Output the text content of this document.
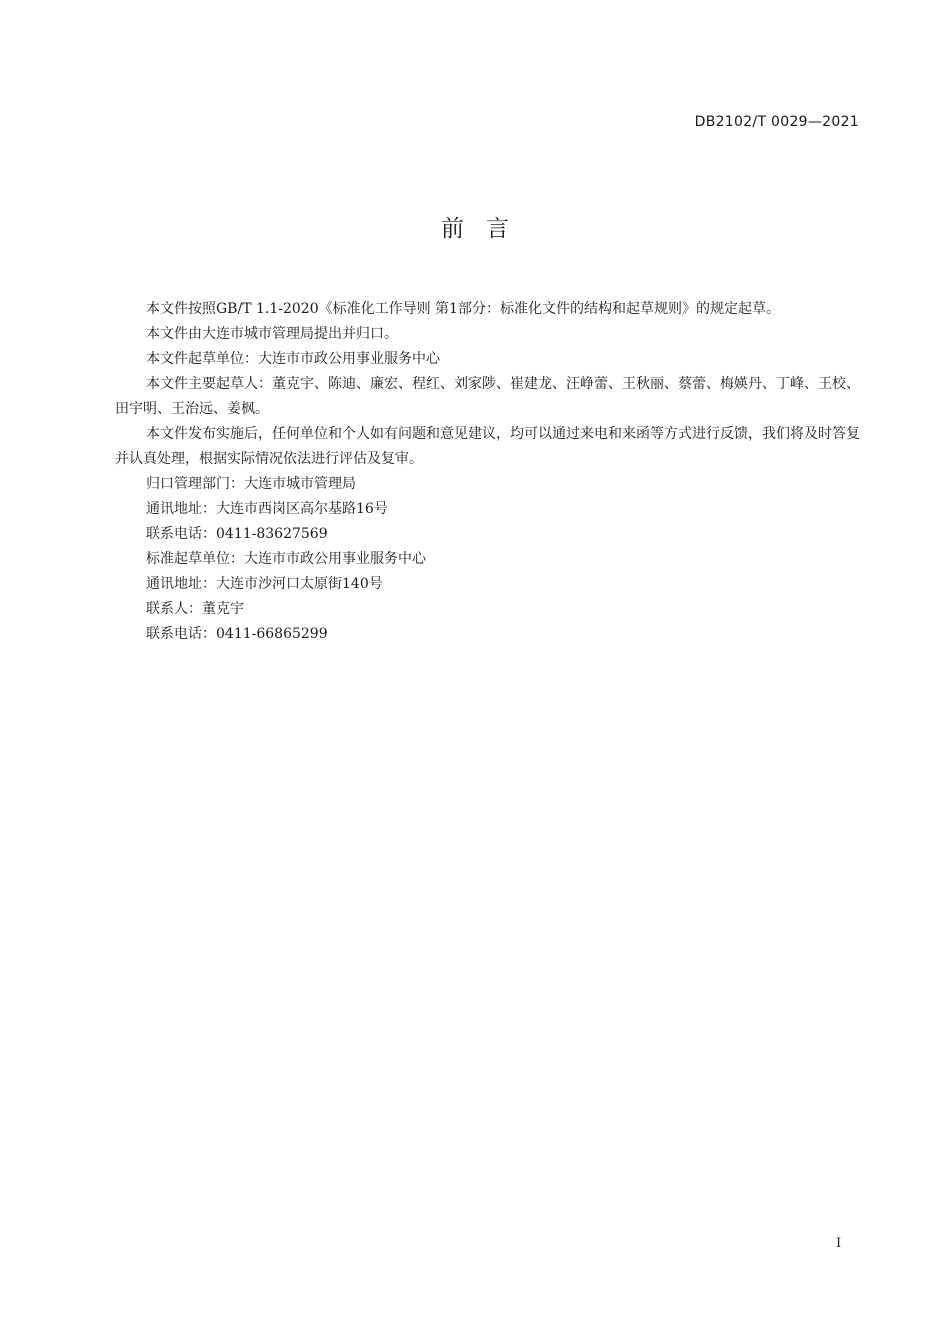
DB2102/T 0029—2021
前言

本文件按照GB/T 1.1-2020《标准化工作导则 第1部分：标准化文件的结构和起草规则》的规定起草。

本文件由大连市城市管理局提出并归口。

本文件起草单位：大连市市政公用事业服务中心

本文件主要起草人：董克宇、陈迪、廉宏、程红、刘家陟、崔建龙、汪峥蕾、王秋丽、蔡蕾、梅媖丹、丁峰、王校、田宇明、王治远、姜枫。

本文件发布实施后，任何单位和个人如有问题和意见建议，均可以通过来电和来函等方式进行反馈，我们将及时答复并认真处理，根据实际情况依法进行评估及复审。

归口管理部门：大连市城市管理局

通讯地址：大连市西岗区高尔基路16号

联系电话：0411-83627569

标准起草单位：大连市市政公用事业服务中心

通讯地址：大连市沙河口太原街140号

联系人：董克宇

联系电话：0411-66865299

I
